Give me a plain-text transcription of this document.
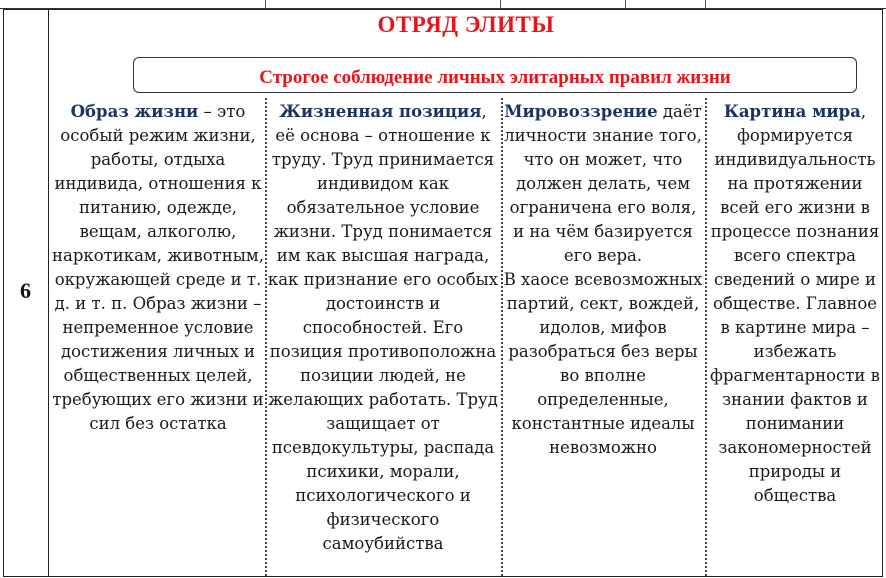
6
ОТРЯД ЭЛИТЫ
Строгое соблюдение личных элитарных правил жизни

Образ жизни – это особый режим жизни, работы, отдыха индивида, отношения к питанию, одежде, вещам, алкоголю, наркотикам, животным, окружающей среде и т. д. и т. п. Образ жизни – непременное условие достижения личных и общественных целей, требующих его жизни и сил без остатка

Жизненная позиция, её основа – отношение к труду. Труд принимается индивидом как обязательное условие жизни. Труд понимается им как высшая награда, как признание его особых достоинств и способностей. Его позиция противоположна позиции людей, не желающих работать. Труд защищает от псевдокультуры, распада психики, морали, психологического и физического самоубийства

Мировоззрение даёт личности знание того, что он может, что должен делать, чем ограничена его воля, и на чём базируется его вера.

В хаосе всевозможных партий, сект, вождей, идолов, мифов разобраться без веры во вполне определенные, константные идеалы невозможно

Картина мира, формируется индивидуальность на протяжении всей его жизни в процессе познания всего спектра сведений о мире и обществе. Главное в картине мира – избежать фрагментарности в знании фактов и понимании закономерностей природы и общества
